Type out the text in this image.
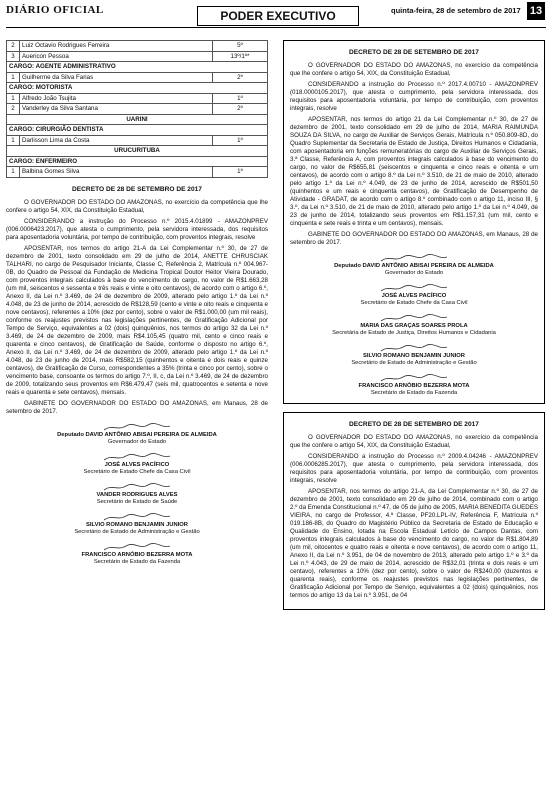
DIÁRIO OFICIAL	PODER EXECUTIVO	quinta-feira, 28 de setembro de 2017 13
2	Luiz Octavio Rodrigues Ferreira	5º
3	Auericon Pessoa	13º/1º*
CARGO: AGENTE ADMINISTRATIVO		
1	Guilherme da Silva Farias	2º
CARGO: MOTORISTA		
1	Alfredo João Tsujita	1º
2	Vanderley da Silva Santana	2º
UARINI		
CARGO: CIRURGIÃO DENTISTA		
1	Darlisson Lima da Costa	1º
URUCURITUBA		
CARGO: ENFERMEIRO		
1	Balbina Gomes Silva	1º
DECRETO DE 28 DE SETEMBRO DE 2017

O GOVERNADOR DO ESTADO DO AMAZONAS, no exercício da competência que lhe confere o artigo 54, XIX, da Constituição Estadual,

CONSIDERANDO a instrução do Processo n.º 2015.4.01899 - AMAZONPREV (006.0006423.2017), que atesta o cumprimento, pela servidora interessada, dos requisitos para aposentadoria voluntária, por tempo de contribuição, com proventos integrais, resolve

APOSENTAR, nos termos do artigo 21-A da Lei Complementar n.º 30, de 27 de dezembro de 2001, texto consolidado em 29 de julho de 2014, ANETTE CHRUSCIAK TALHARI, no cargo de Pesquisador Iniciante, Classe C, Referência 2, Matrícula n.º 004.967-0B, do Quadro de Pessoal da Fundação de Medicina Tropical Doutor Heitor Vieira Dourado, com proventos integrais calculados à base do vencimento do cargo, no valor de R$1.663,28 (um mil, seiscentos e sessenta e três reais e vinte e oito centavos), de acordo com o artigo 6.º, Anexo II, da Lei n.º 3.469, de 24 de dezembro de 2009, alterado pelo artigo 1.º da Lei n.º 4.048, de 23 de junho de 2014, acrescido de R$128,59 (cento e vinte e oito reais e cinquenta e nove centavos), referentes a 10% (dez por cento), sobre o valor de R$1.000,00 (um mil reais), conforme os reajustes previstos nas legislações pertinentes, de Gratificação Adicional por Tempo de Serviço, equivalentes a 02 (dois) quinquênios, nos termos do artigo 32 da Lei n.º 3.469, de 24 de dezembro de 2009, mais R$4.105,45 (quatro mil, cento e cinco reais e quarenta e cinco centavos), de Gratificação de Saúde, conforme o disposto no artigo 6.º, Anexo II, da Lei n.º 3.469, de 24 de dezembro de 2009, alterado pelo artigo 1.º da Lei n.º 4.048, de 23 de junho de 2014, mais R$582,15 (quinhentos e oitenta e dois reais e quinze centavos), de Gratificação de Curso, correspondentes a 35% (trinta e cinco por cento), sobre o vencimento base, consoante os termos do artigo 7.º, II, c, da Lei n.º 3.469, de 24 de dezembro de 2009, totalizando seus proventos em R$6.479,47 (seis mil, quatrocentos e setenta e nove reais e quarenta e sete centavos), mensais.

GABINETE DO GOVERNADOR DO ESTADO DO AMAZONAS, em Manaus, 28 de setembro de 2017.

Deputado DAVID ANTÔNIO ABISAI PEREIRA DE ALMEIDA
Governador do Estado
JOSÉ ALVES PACÍFICO
Secretário de Estado Chefe da Casa Civil
VANDER RODRIGUES ALVES
Secretário de Estado de Saúde
SILVIO ROMANO BENJAMIN JUNIOR
Secretário de Estado de Administração e Gestão
FRANCISCO ARNÓBIO BEZERRA MOTA
Secretário de Estado da Fazenda
DECRETO DE 28 DE SETEMBRO DE 2017

O GOVERNADOR DO ESTADO DO AMAZONAS, no exercício da competência que lhe confere o artigo 54, XIX, da Constituição Estadual,

CONSIDERANDO a instrução do Processo n.º 2017.4.00710 - AMAZONPREV (018.0000105.2017), que atesta o cumprimento, pela servidora interessada, dos requisitos para aposentadoria voluntária, por tempo de contribuição, com proventos integrais, resolve

APOSENTAR, nos termos do artigo 21 da Lei Complementar n.º 30, de 27 de dezembro de 2001, texto consolidado em 29 de julho de 2014, MARIA RAIMUNDA SOUZA DA SILVA, no cargo de Auxiliar de Serviços Gerais, Matrícula n.º 050.809-8D, do Quadro Suplementar da Secretaria de Estado de Justiça, Direitos Humanos e Cidadania, com aposentadoria em funções remuneratórias do cargo de Auxiliar de Serviços Gerais, 3.ª Classe, Referência A, com proventos integrais calculados à base do vencimento do cargo, no valor de R$655,81 (seiscentos e cinquenta e cinco reais e oitenta e um centavos), de acordo com o artigo 8.º da Lei n.º 3.510, de 21 de maio de 2010, alterado pelo artigo 1.º da Lei n.º 4.049, de 23 de junho de 2014, acrescido de R$501,50 (quinhentos e um reais e cinquenta centavos), de Gratificação de Desempenho de Atividade - GRADAT, de acordo com o artigo 8.º combinado com o artigo 11, inciso III, § 3.º, da Lei n.º 3.510, de 21 de maio de 2010, alterado pelo artigo 1.º da Lei n.º 4.049, de 23 de junho de 2014, totalizando seus proventos em R$1.157,31 (um mil, cento e cinquenta e sete reais e trinta e um centavos), mensais.

GABINETE DO GOVERNADOR DO ESTADO DO AMAZONAS, em Manaus, 28 de setembro de 2017.

Deputado DAVID ANTÔNIO ABISAI PEREIRA DE ALMEIDA
Governador do Estado
JOSÉ ALVES PACÍFICO
Secretário de Estado Chefe da Casa Civil
MARIA DAS GRAÇAS SOARES PROLA
Secretária de Estado de Justiça, Direitos Humanos e Cidadania
SILVIO ROMANO BENJAMIN JUNIOR
Secretário de Estado de Administração e Gestão
FRANCISCO ARNÓBIO BEZERRA MOTA
Secretário de Estado da Fazenda
DECRETO DE 28 DE SETEMBRO DE 2017

O GOVERNADOR DO ESTADO DO AMAZONAS, no exercício da competência que lhe confere o artigo 54, XIX, da Constituição Estadual,

CONSIDERANDO a instrução do Processo n.º 2009.4.04246 - AMAZONPREV (006.0006285.2017), que atesta o cumprimento, pela servidora interessada, dos requisitos para aposentadoria voluntária, por tempo de contribuição, com proventos integrais, resolve

APOSENTAR, nos termos do artigo 21-A, da Lei Complementar n.º 30, de 27 de dezembro de 2001, texto consolidado em 29 de julho de 2014, combinado com o artigo 2.º da Emenda Constitucional n.º 47, de 05 de julho de 2005, MARIA BENEDITA GUEDES VIEIRA, no cargo de Professor, 4.ª Classe, PF20.LPL-IV, Referência F, Matrícula n.º 019.186-8B, do Quadro do Magistério Público da Secretaria de Estado de Educação e Qualidade do Ensino, lotada na Escola Estadual Letício de Campos Dantas, com proventos integrais calculados à base do vencimento do cargo, no valor de R$1.804,89 (um mil, oitocentos e quatro reais e oitenta e nove centavos), de acordo com o artigo 11, Anexo II, da Lei n.º 3.951, de 04 de novembro de 2013, alterado pelo artigo 1.º e 3.º da Lei n.º 4.043, de 29 de maio de 2014, acrescido de R$32,01 (trinta e dois reais e um centavo), referentes a 10% (dez por cento), sobre o valor de R$240,00 (duzentos e quarenta reais), conforme os reajustes previstos nas legislações pertinentes, de Gratificação Adicional por Tempo de Serviço, equivalentes a 02 (dois) quinquênios, nos termos do artigo 13 da Lei n.º 3.951, de 04
